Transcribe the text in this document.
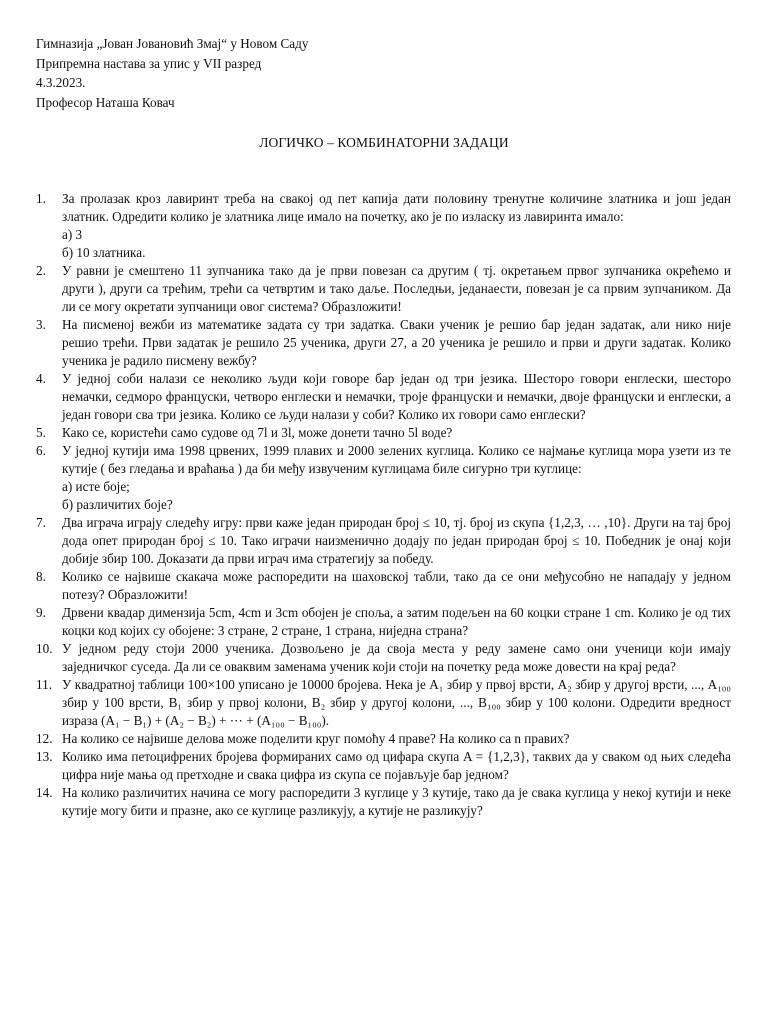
Гимназија „Јован Јовановић Змај“ у Новом Саду
Припремна настава за упис у VII разред
4.3.2023.
Професор Наташа Ковач
ЛОГИЧКО – КОМБИНАТОРНИ ЗАДАЦИ
1. За пролазак кроз лавиринт треба на свакој од пет капија дати половину тренутне количине златника и још један златник. Одредити колико је златника лице имало на почетку, ако је по изласку из лавиринта имало:
а) 3
б) 10 златника.
2. У равни је смештено 11 зупчаника тако да је први повезан са другим ( тј. окретањем првог зупчаника окрећемо и други ), други са трећим, трећи са четвртим и тако даље. Последњи, једанаести, повезан је са првим зупчаником. Да ли се могу окретати зупчаници овог система? Образложити!
3. На писменој вежби из математике задата су три задатка. Сваки ученик је решио бар један задатак, али нико није решио трећи. Први задатак је решило 25 ученика, други 27, а 20 ученика је решило и први и други задатак. Колико ученика је радило писмену вежбу?
4. У једној соби налази се неколико људи који говоре бар један од три језика. Шесторо говори енглески, шесторо немачки, седморо француски, четворо енглески и немачки, троје француски и немачки, двоје француски и енглески, а један говори сва три језика. Колико се људи налази у соби? Колико их говори само енглески?
5. Како се, користећи само судове од 7l и 3l, може донети тачно 5l воде?
6. У једној кутији има 1998 црвених, 1999 плавих и 2000 зелених куглица. Колико се најмање куглица мора узети из те кутије ( без гледања и враћања ) да би међу извученим куглицама биле сигурно три куглице:
а) исте боје;
б) различитих боје?
7. Два играча играју следећу игру: први каже један природан број ≤ 10, тј. број из скупа {1,2,3, … ,10}. Други на тај број дода опет природан број ≤ 10. Тако играчи наизменично додају по један природан број ≤ 10. Победник је онај који добије збир 100. Доказати да први играч има стратегију за победу.
8. Колико се највише скакача може распоредити на шаховској табли, тако да се они међусобно не нападају у једном потезу? Образложити!
9. Дрвени квадар димензија 5cm, 4cm и 3cm обојен је споља, а затим подељен на 60 коцки стране 1 cm. Колико је од тих коцки код којих су обојене: 3 стране, 2 стране, 1 страна, ниједна страна?
10. У једном реду стоји 2000 ученика. Дозвољено је да своја места у реду замене само они ученици који имају заједничког суседа. Да ли се оваквим заменама ученик који стоји на почетку реда може довести на крај реда?
11. У квадратној таблици 100×100 уписано је 10000 бројева. Нека је A₁ збир у првој врсти, A₂ збир у другој врсти, ..., A₁₀₀ збир у 100 врсти, B₁ збир у првој колони, B₂ збир у другој колони, ..., B₁₀₀ збир у 100 колони. Одредити вредност израза (A₁ − B₁) + (A₂ − B₂) + ⋯ + (A₁₀₀ − B₁₀₀).
12. На колико се највише делова може поделити круг помоћу 4 праве? На колико са n правих?
13. Колико има петоцифрених бројева формираних само од цифара скупа A = {1,2,3}, таквих да у сваком од њих следећа цифра није мања од претходне и свака цифра из скупа се појављује бар једном?
14. На колико различитих начина се могу распоредити 3 куглице у 3 кутије, тако да је свака куглица у некој кутији и неке кутије могу бити и празне, ако се куглице разликују, а кутије не разликују?
